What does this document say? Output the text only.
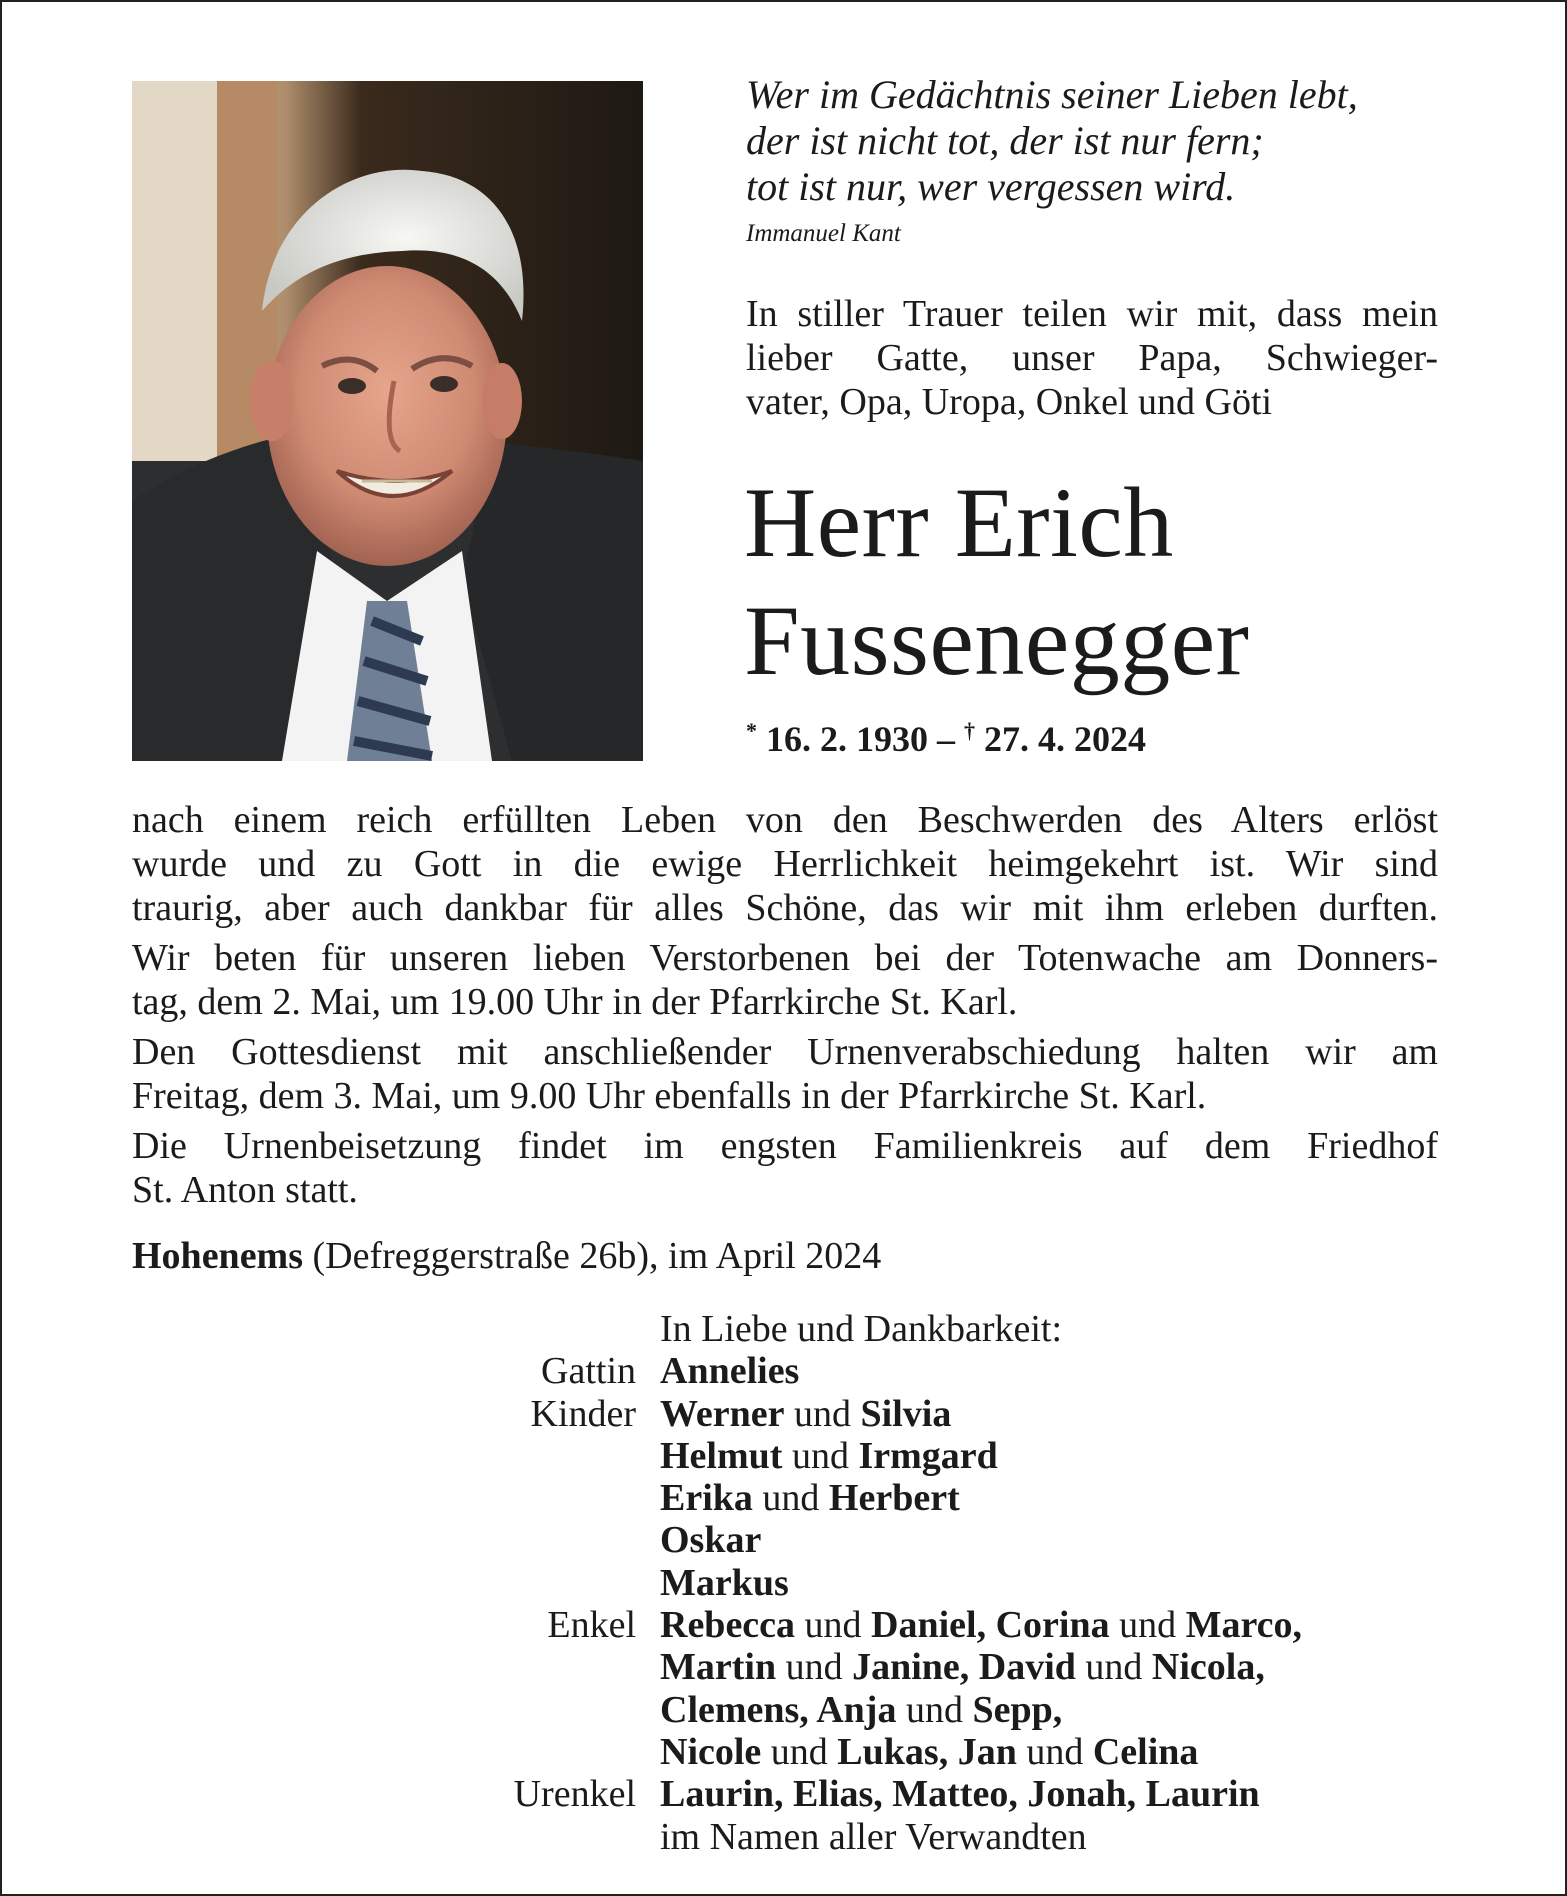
Wer im Gedächtnis seiner Lieben lebt,
der ist nicht tot, der ist nur fern;
tot ist nur, wer vergessen wird.
Immanuel Kant
In stiller Trauer teilen wir mit, dass mein
lieber Gatte, unser Papa, Schwieger-
vater, Opa, Uropa, Onkel und Göti
Herr Erich
Fussenegger
* 16. 2. 1930 – † 27. 4. 2024
nach einem reich erfüllten Leben von den Beschwerden des Alters erlöst
wurde und zu Gott in die ewige Herrlichkeit heimgekehrt ist. Wir sind
traurig, aber auch dankbar für alles Schöne, das wir mit ihm erleben durften.
Wir beten für unseren lieben Verstorbenen bei der Totenwache am Donners-
tag, dem 2. Mai, um 19.00 Uhr in der Pfarrkirche St. Karl.
Den Gottesdienst mit anschließender Urnenverabschiedung halten wir am
Freitag, dem 3. Mai, um 9.00 Uhr ebenfalls in der Pfarrkirche St. Karl.
Die Urnenbeisetzung findet im engsten Familienkreis auf dem Friedhof
St. Anton statt.
Hohenems (Defreggerstraße 26b), im April 2024
In Liebe und Dankbarkeit:
Gattin Annelies
Kinder Werner und Silvia
Helmut und Irmgard
Erika und Herbert
Oskar
Markus
Enkel Rebecca und Daniel, Corina und Marco,
Martin und Janine, David und Nicola,
Clemens, Anja und Sepp,
Nicole und Lukas, Jan und Celina
Urenkel Laurin, Elias, Matteo, Jonah, Laurin
im Namen aller Verwandten
